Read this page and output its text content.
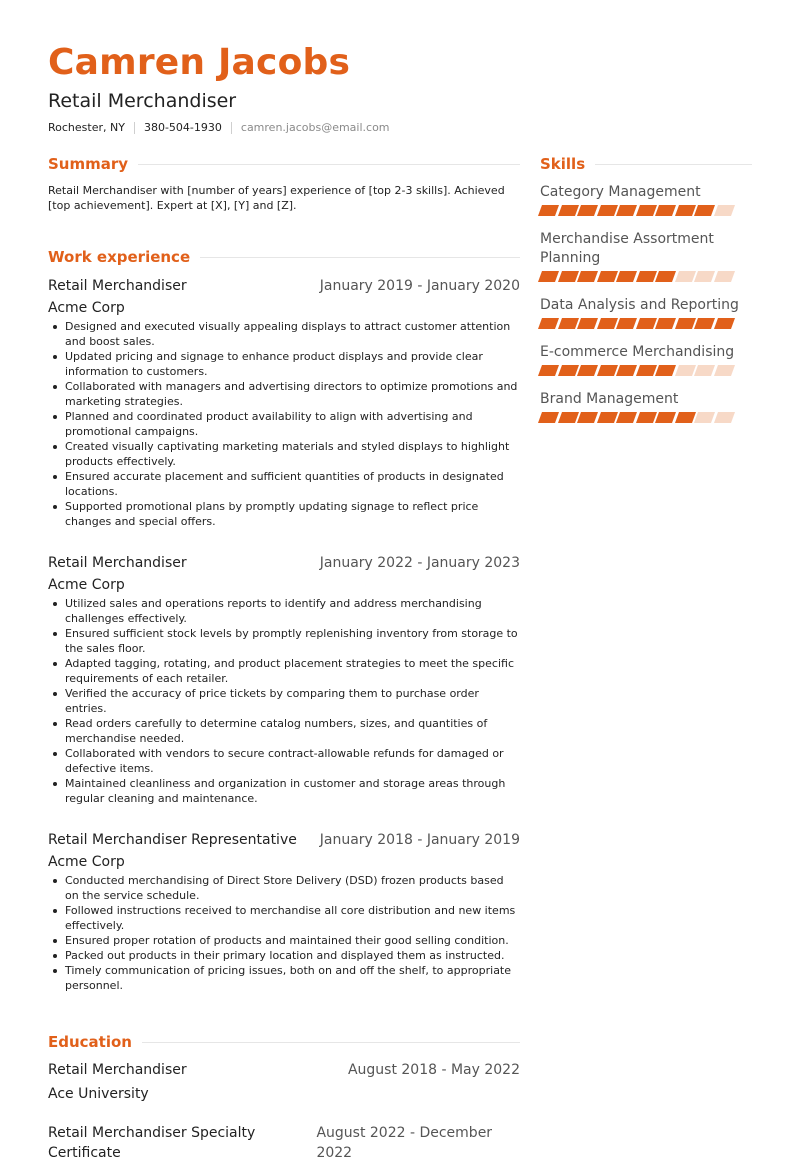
Camren Jacobs
Retail Merchandiser
Rochester, NY 380-504-1930 camren.jacobs@email.com
Summary

Retail Merchandiser with [number of years] experience of [top 2-3 skills]. Achieved [top achievement]. Expert at [X], [Y] and [Z].

Work experience
Retail Merchandiser	January 2019 - January 2020
Acme Corp
Designed and executed visually appealing displays to attract customer attention and boost sales.
Updated pricing and signage to enhance product displays and provide clear information to customers.
Collaborated with managers and advertising directors to optimize promotions and marketing strategies.
Planned and coordinated product availability to align with advertising and promotional campaigns.
Created visually captivating marketing materials and styled displays to highlight products effectively.
Ensured accurate placement and sufficient quantities of products in designated locations.
Supported promotional plans by promptly updating signage to reflect price changes and special offers.
Retail Merchandiser	January 2022 - January 2023
Acme Corp
Utilized sales and operations reports to identify and address merchandising challenges effectively.
Ensured sufficient stock levels by promptly replenishing inventory from storage to the sales floor.
Adapted tagging, rotating, and product placement strategies to meet the specific requirements of each retailer.
Verified the accuracy of price tickets by comparing them to purchase order entries.
Read orders carefully to determine catalog numbers, sizes, and quantities of merchandise needed.
Collaborated with vendors to secure contract-allowable refunds for damaged or defective items.
Maintained cleanliness and organization in customer and storage areas through regular cleaning and maintenance.
Retail Merchandiser Representative January 2018 - January 2019
Acme Corp
Conducted merchandising of Direct Store Delivery (DSD) frozen products based on the service schedule.
Followed instructions received to merchandise all core distribution and new items effectively.
Ensured proper rotation of products and maintained their good selling condition.
Packed out products in their primary location and displayed them as instructed.
Timely communication of pricing issues, both on and off the shelf, to appropriate personnel.
Education
Retail Merchandiser	August 2018 - May 2022
Ace University
Retail Merchandiser Specialty Certificate
August 2022 - December 2022
Skills
Category Management
Merchandise Assortment Planning
Data Analysis and Reporting
E-commerce Merchandising
Brand Management
